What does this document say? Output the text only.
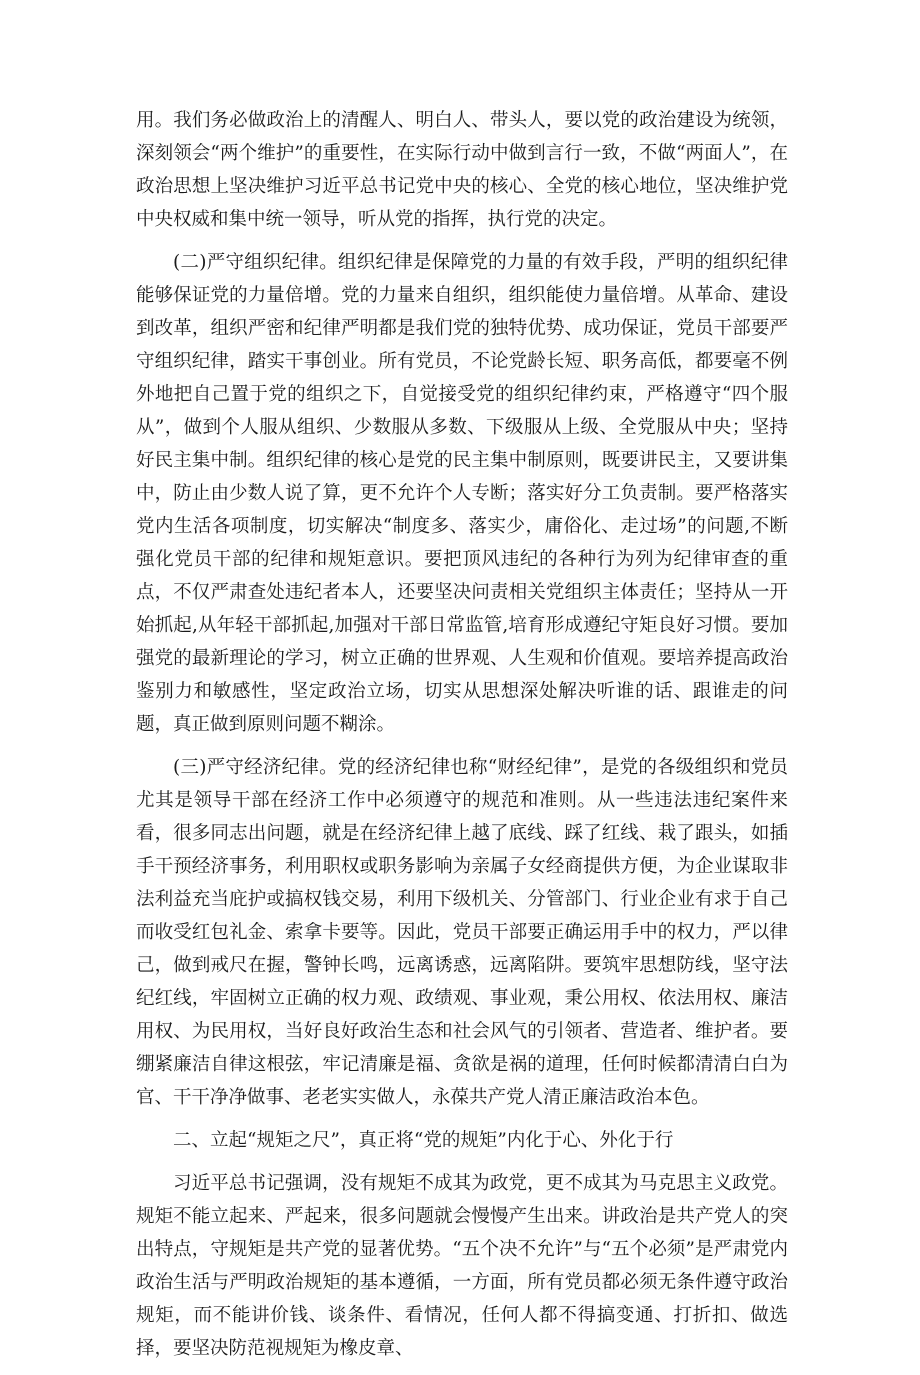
用。我们务必做政治上的清醒人、明白人、带头人，要以党的政治建设为统领，深刻领会“两个维护”的重要性，在实际行动中做到言行一致，不做“两面人”，在政治思想上坚决维护习近平总书记党中央的核心、全党的核心地位，坚决维护党中央权威和集中统一领导，听从党的指挥，执行党的决定。

(二)严守组织纪律。组织纪律是保障党的力量的有效手段，严明的组织纪律能够保证党的力量倍增。党的力量来自组织，组织能使力量倍增。从革命、建设到改革，组织严密和纪律严明都是我们党的独特优势、成功保证，党员干部要严守组织纪律，踏实干事创业。所有党员，不论党龄长短、职务高低，都要毫不例外地把自己置于党的组织之下，自觉接受党的组织纪律约束，严格遵守“四个服从”，做到个人服从组织、少数服从多数、下级服从上级、全党服从中央；坚持好民主集中制。组织纪律的核心是党的民主集中制原则，既要讲民主，又要讲集中，防止由少数人说了算，更不允许个人专断；落实好分工负责制。要严格落实党内生活各项制度，切实解决“制度多、落实少，庸俗化、走过场”的问题,不断强化党员干部的纪律和规矩意识。要把顶风违纪的各种行为列为纪律审查的重点，不仅严肃查处违纪者本人，还要坚决问责相关党组织主体责任；坚持从一开始抓起,从年轻干部抓起,加强对干部日常监管,培育形成遵纪守矩良好习惯。要加强党的最新理论的学习，树立正确的世界观、人生观和价值观。要培养提高政治鉴别力和敏感性，坚定政治立场，切实从思想深处解决听谁的话、跟谁走的问题，真正做到原则问题不糊涂。

(三)严守经济纪律。党的经济纪律也称“财经纪律”，是党的各级组织和党员尤其是领导干部在经济工作中必须遵守的规范和准则。从一些违法违纪案件来看，很多同志出问题，就是在经济纪律上越了底线、踩了红线、栽了跟头，如插手干预经济事务，利用职权或职务影响为亲属子女经商提供方便，为企业谋取非法利益充当庇护或搞权钱交易，利用下级机关、分管部门、行业企业有求于自己而收受红包礼金、索拿卡要等。因此，党员干部要正确运用手中的权力，严以律己，做到戒尺在握，警钟长鸣，远离诱惑，远离陷阱。要筑牢思想防线，坚守法纪红线，牢固树立正确的权力观、政绩观、事业观，秉公用权、依法用权、廉洁用权、为民用权，当好良好政治生态和社会风气的引领者、营造者、维护者。要绷紧廉洁自律这根弦，牢记清廉是福、贪欲是祸的道理，任何时候都清清白白为官、干干净净做事、老老实实做人，永葆共产党人清正廉洁政治本色。

二、立起“规矩之尺”，真正将“党的规矩”内化于心、外化于行

习近平总书记强调，没有规矩不成其为政党，更不成其为马克思主义政党。规矩不能立起来、严起来，很多问题就会慢慢产生出来。讲政治是共产党人的突出特点，守规矩是共产党的显著优势。“五个决不允许”与“五个必须”是严肃党内政治生活与严明政治规矩的基本遵循，一方面，所有党员都必须无条件遵守政治规矩，而不能讲价钱、谈条件、看情况，任何人都不得搞变通、打折扣、做选择，要坚决防范视规矩为橡皮章、
